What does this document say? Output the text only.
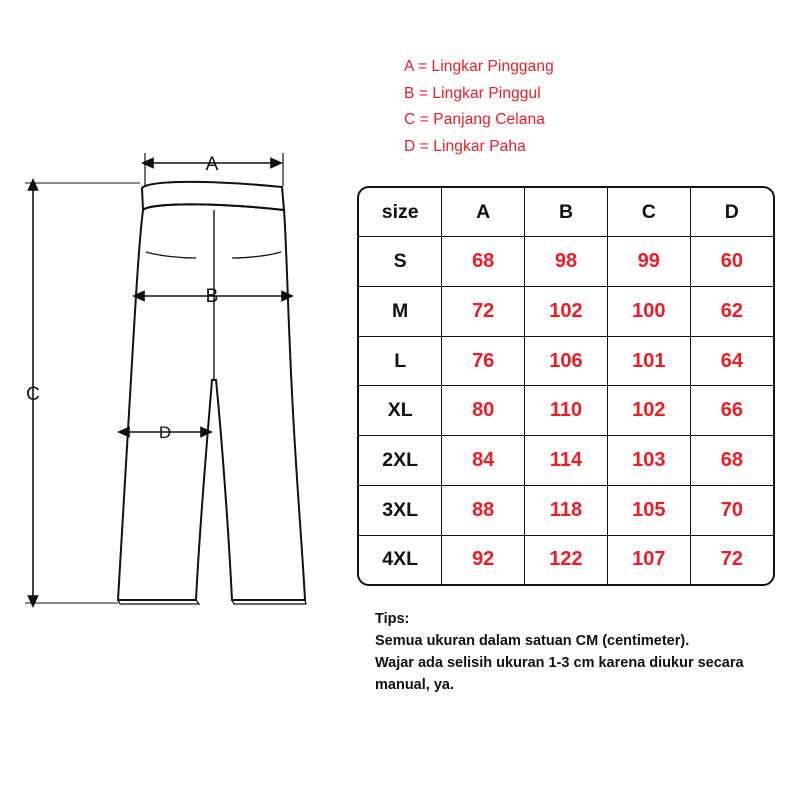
A = Lingkar Pinggang
B = Lingkar Pinggul
C = Panjang Celana
D = Lingkar Paha
A
B
C
D
size	A	B	C	D
S	68	98	99	60
M	72	102	100	62
L	76	106	101	64
XL	80	110	102	66
2XL	84	114	103	68
3XL	88	118	105	70
4XL	92	122	107	72
Tips:
Semua ukuran dalam satuan CM (centimeter).
Wajar ada selisih ukuran 1-3 cm karena diukur secara
manual, ya.
